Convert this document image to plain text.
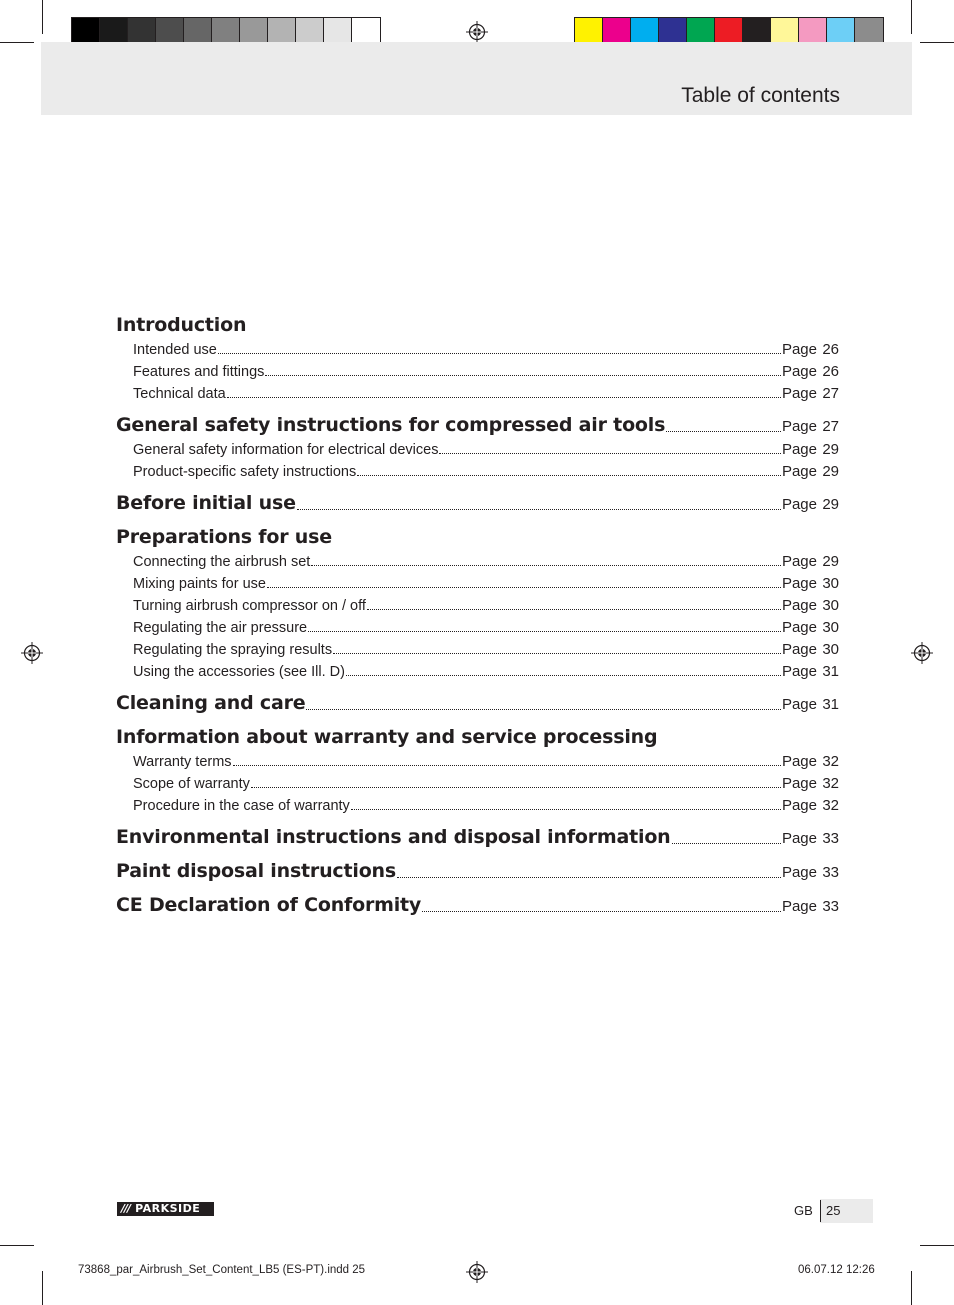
Table of contents
Introduction
Intended use	Page 26
Features and fittings	Page 26
Technical data	Page 27
General safety instructions for compressed air tools	Page 27
General safety information for electrical devices	Page 29
Product-specific safety instructions	Page 29
Before initial use	Page 29
Preparations for use
Connecting the airbrush set	Page 29
Mixing paints for use	Page 30
Turning airbrush compressor on / off	Page 30
Regulating the air pressure	Page 30
Regulating the spraying results	Page 30
Using the accessories (see Ill. D)	Page 31
Cleaning and care	Page 31
Information about warranty and service processing
Warranty terms	Page 32
Scope of warranty	Page 32
Procedure in the case of warranty	Page 32
Environmental instructions and disposal information	Page 33
Paint disposal instructions	Page 33
CE Declaration of Conformity	Page 33
/// PARKSIDE	GB 25
73868_par_Airbrush_Set_Content_LB5 (ES-PT).indd 25	06.07.12 12:26
